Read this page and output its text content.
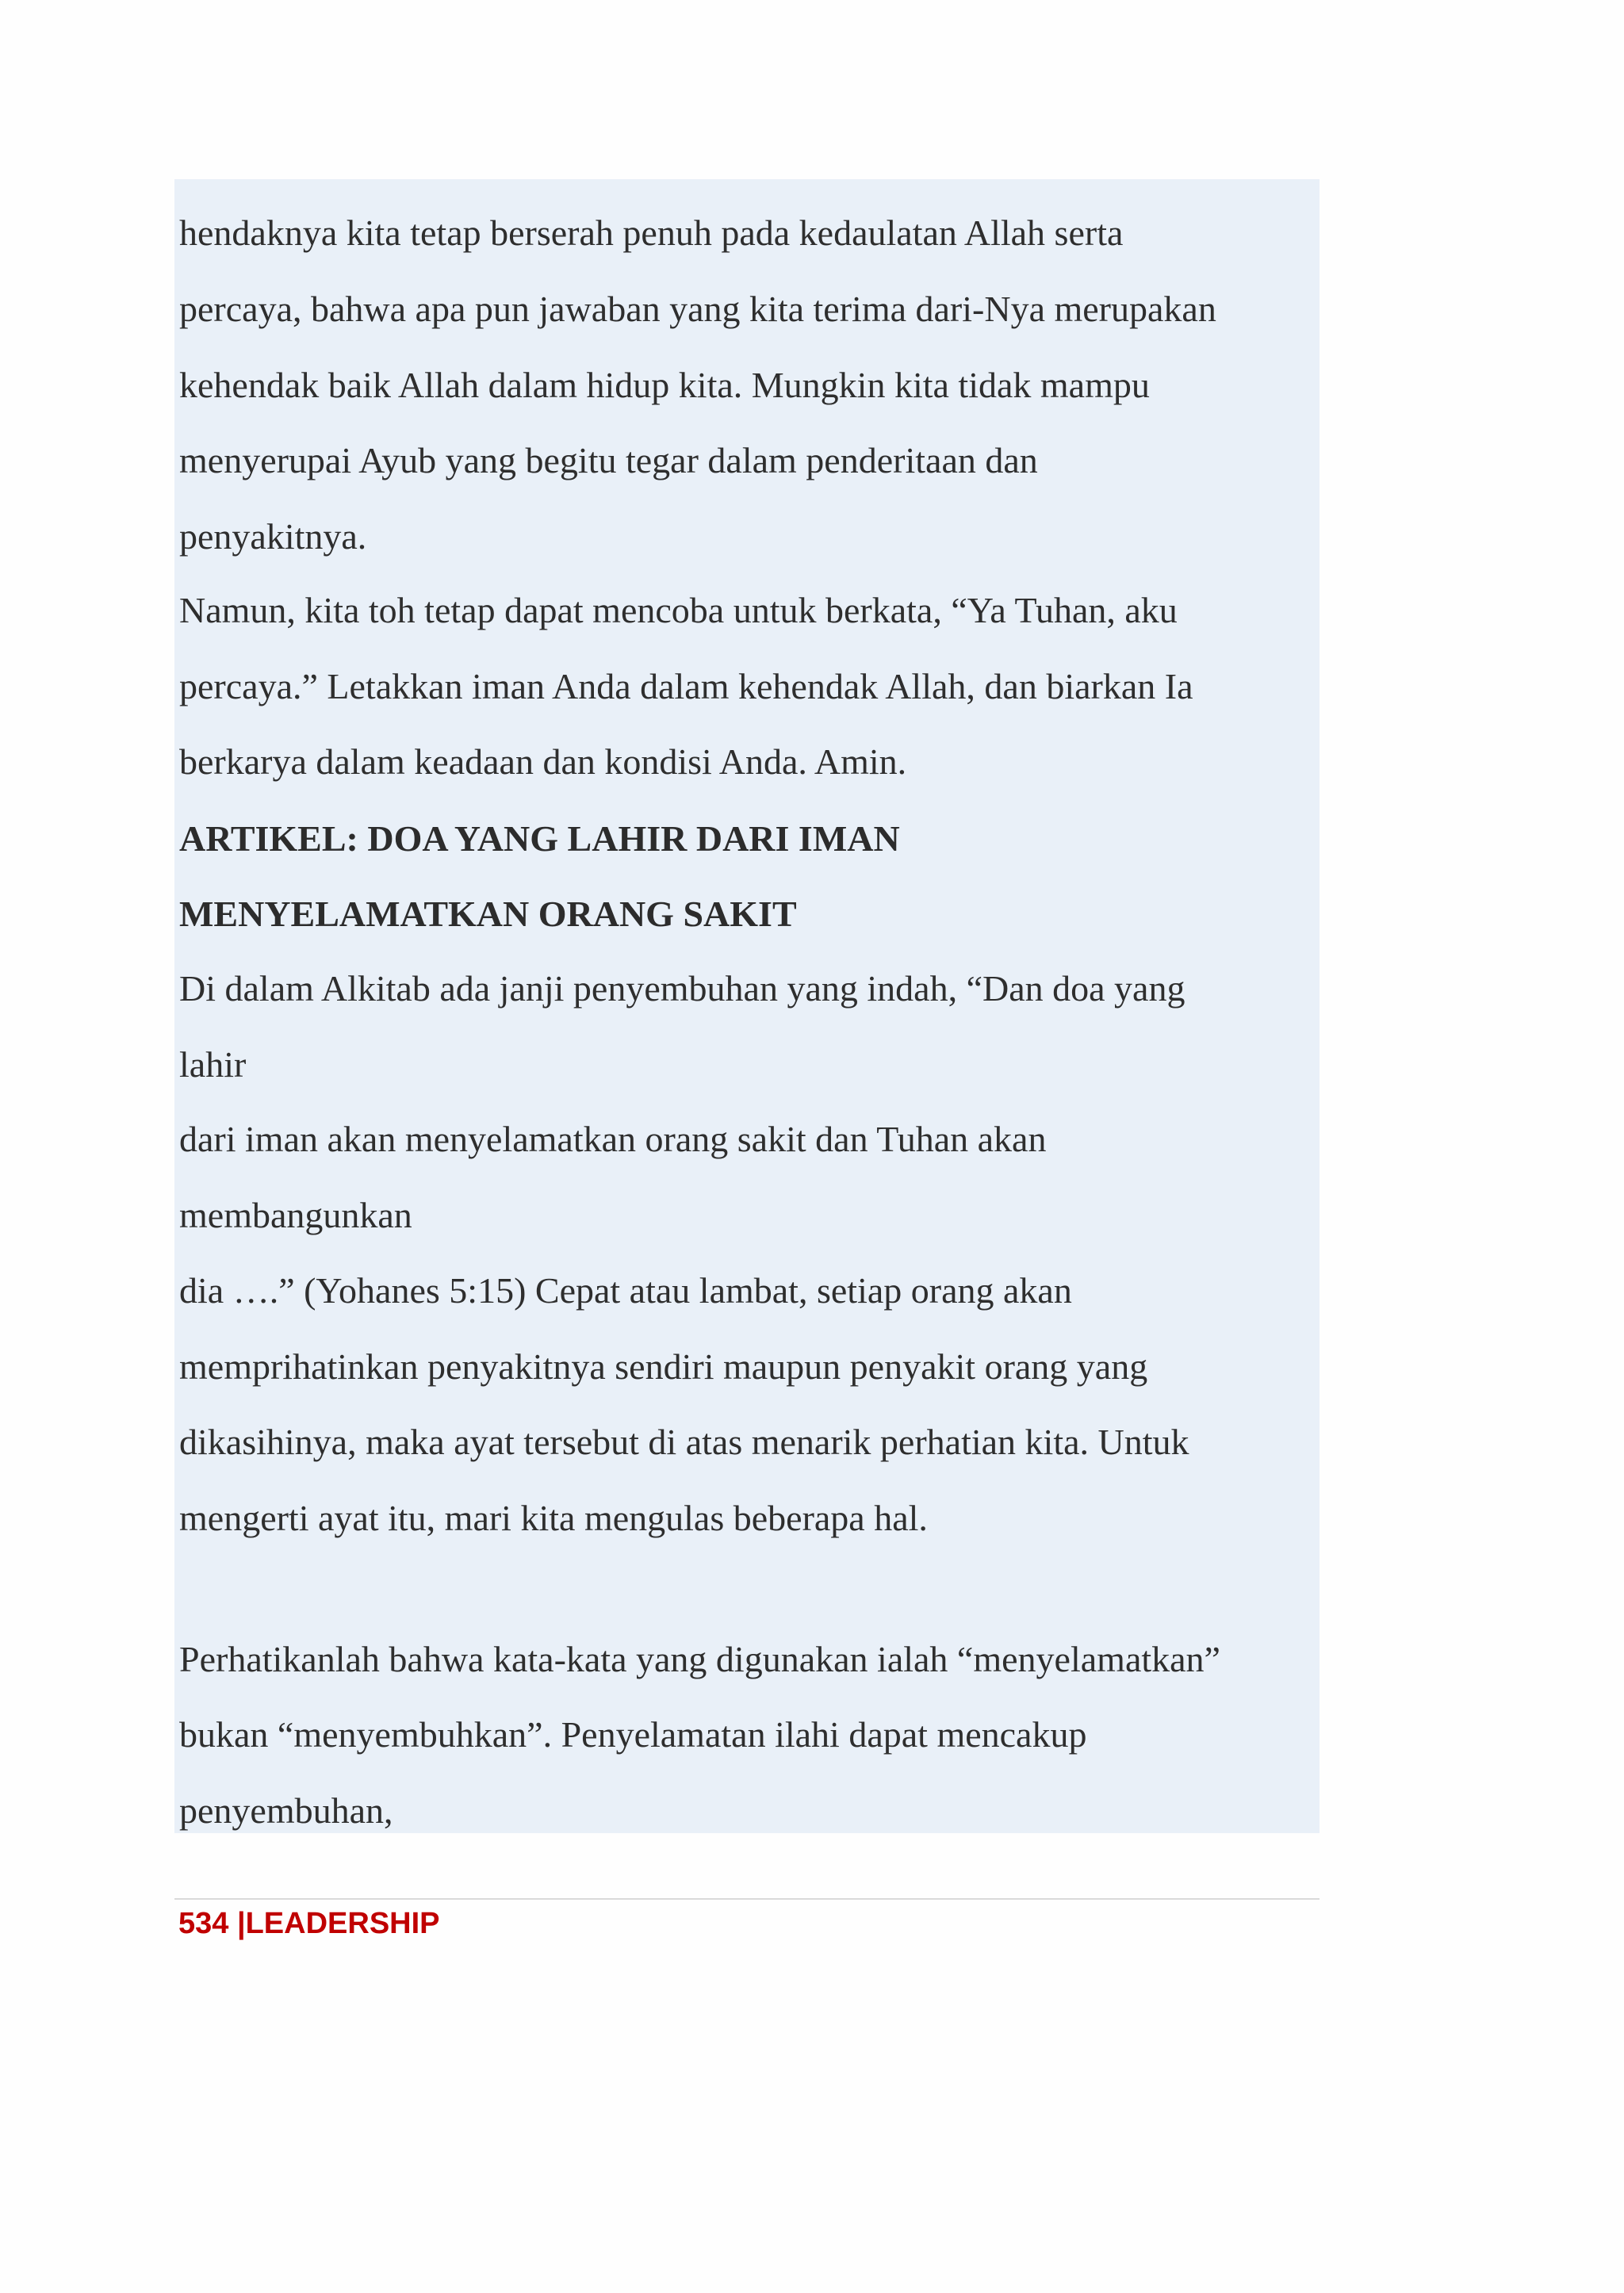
hendaknya kita tetap berserah penuh pada kedaulatan Allah serta

percaya, bahwa apa pun jawaban yang kita terima dari-Nya merupakan

kehendak baik Allah dalam hidup kita. Mungkin kita tidak mampu

menyerupai Ayub yang begitu tegar dalam penderitaan dan

penyakitnya.

Namun, kita toh tetap dapat mencoba untuk berkata, “Ya Tuhan, aku

percaya.” Letakkan iman Anda dalam kehendak Allah, dan biarkan Ia

berkarya dalam keadaan dan kondisi Anda. Amin.

ARTIKEL: DOA YANG LAHIR DARI IMAN

MENYELAMATKAN ORANG SAKIT

Di dalam Alkitab ada janji penyembuhan yang indah, “Dan doa yang

lahir

dari iman akan menyelamatkan orang sakit dan Tuhan akan

membangunkan

dia ….” (Yohanes 5:15) Cepat atau lambat, setiap orang akan

memprihatinkan penyakitnya sendiri maupun penyakit orang yang

dikasihinya, maka ayat tersebut di atas menarik perhatian kita. Untuk

mengerti ayat itu, mari kita mengulas beberapa hal.

Perhatikanlah bahwa kata-kata yang digunakan ialah “menyelamatkan”

bukan “menyembuhkan”. Penyelamatan ilahi dapat mencakup

penyembuhan,

534 |LEADERSHIP
